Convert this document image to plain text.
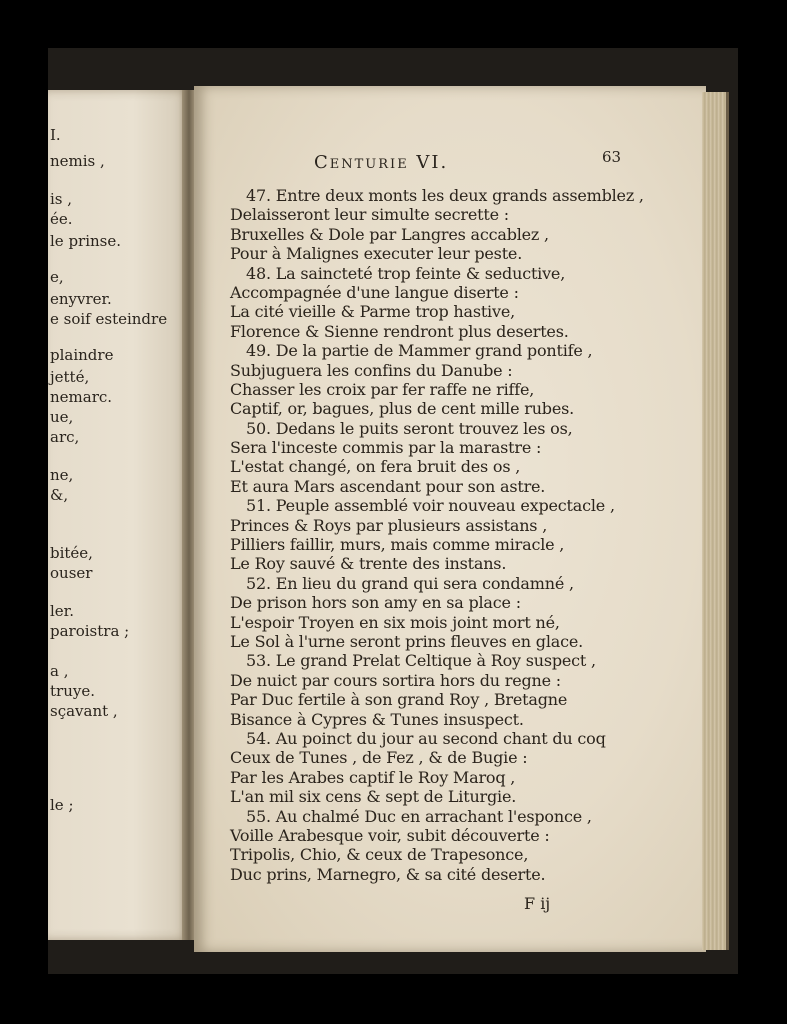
I.
nemis ,
is ,
ée.
le prinse.
e,
enyvrer.
e soif esteindre
plaindre
jetté,
nemarc.
ue,
arc,
ne,
&,
bitée,
ouser
ler.
paroistra ;
a ,
truye.
sçavant ,
le ;
Centurie VI.	63
47. Entre deux monts les deux grands assemblez ,
Delaisseront leur simulte secrette :
Bruxelles & Dole par Langres accablez ,
Pour à Malignes executer leur peste.
48. La saincteté trop feinte & seductive,
Accompagnée d'une langue diserte :
La cité vieille & Parme trop hastive,
Florence & Sienne rendront plus desertes.
49. De la partie de Mammer grand pontife ,
Subjuguera les confins du Danube :
Chasser les croix par fer raffe ne riffe,
Captif, or, bagues, plus de cent mille rubes.
50. Dedans le puits seront trouvez les os,
Sera l'inceste commis par la marastre :
L'estat changé, on fera bruit des os ,
Et aura Mars ascendant pour son astre.
51. Peuple assemblé voir nouveau expectacle ,
Princes & Roys par plusieurs assistans ,
Pilliers faillir, murs, mais comme miracle ,
Le Roy sauvé & trente des instans.
52. En lieu du grand qui sera condamné ,
De prison hors son amy en sa place :
L'espoir Troyen en six mois joint mort né,
Le Sol à l'urne seront prins fleuves en glace.
53. Le grand Prelat Celtique à Roy suspect ,
De nuict par cours sortira hors du regne :
Par Duc fertile à son grand Roy , Bretagne
Bisance à Cypres & Tunes insuspect.
54. Au poinct du jour au second chant du coq
Ceux de Tunes , de Fez , & de Bugie :
Par les Arabes captif le Roy Maroq ,
L'an mil six cens & sept de Liturgie.
55. Au chalmé Duc en arrachant l'esponce ,
Voille Arabesque voir, subit découverte :
Tripolis, Chio, & ceux de Trapesonce,
Duc prins, Marnegro, & sa cité deserte.
F ij
